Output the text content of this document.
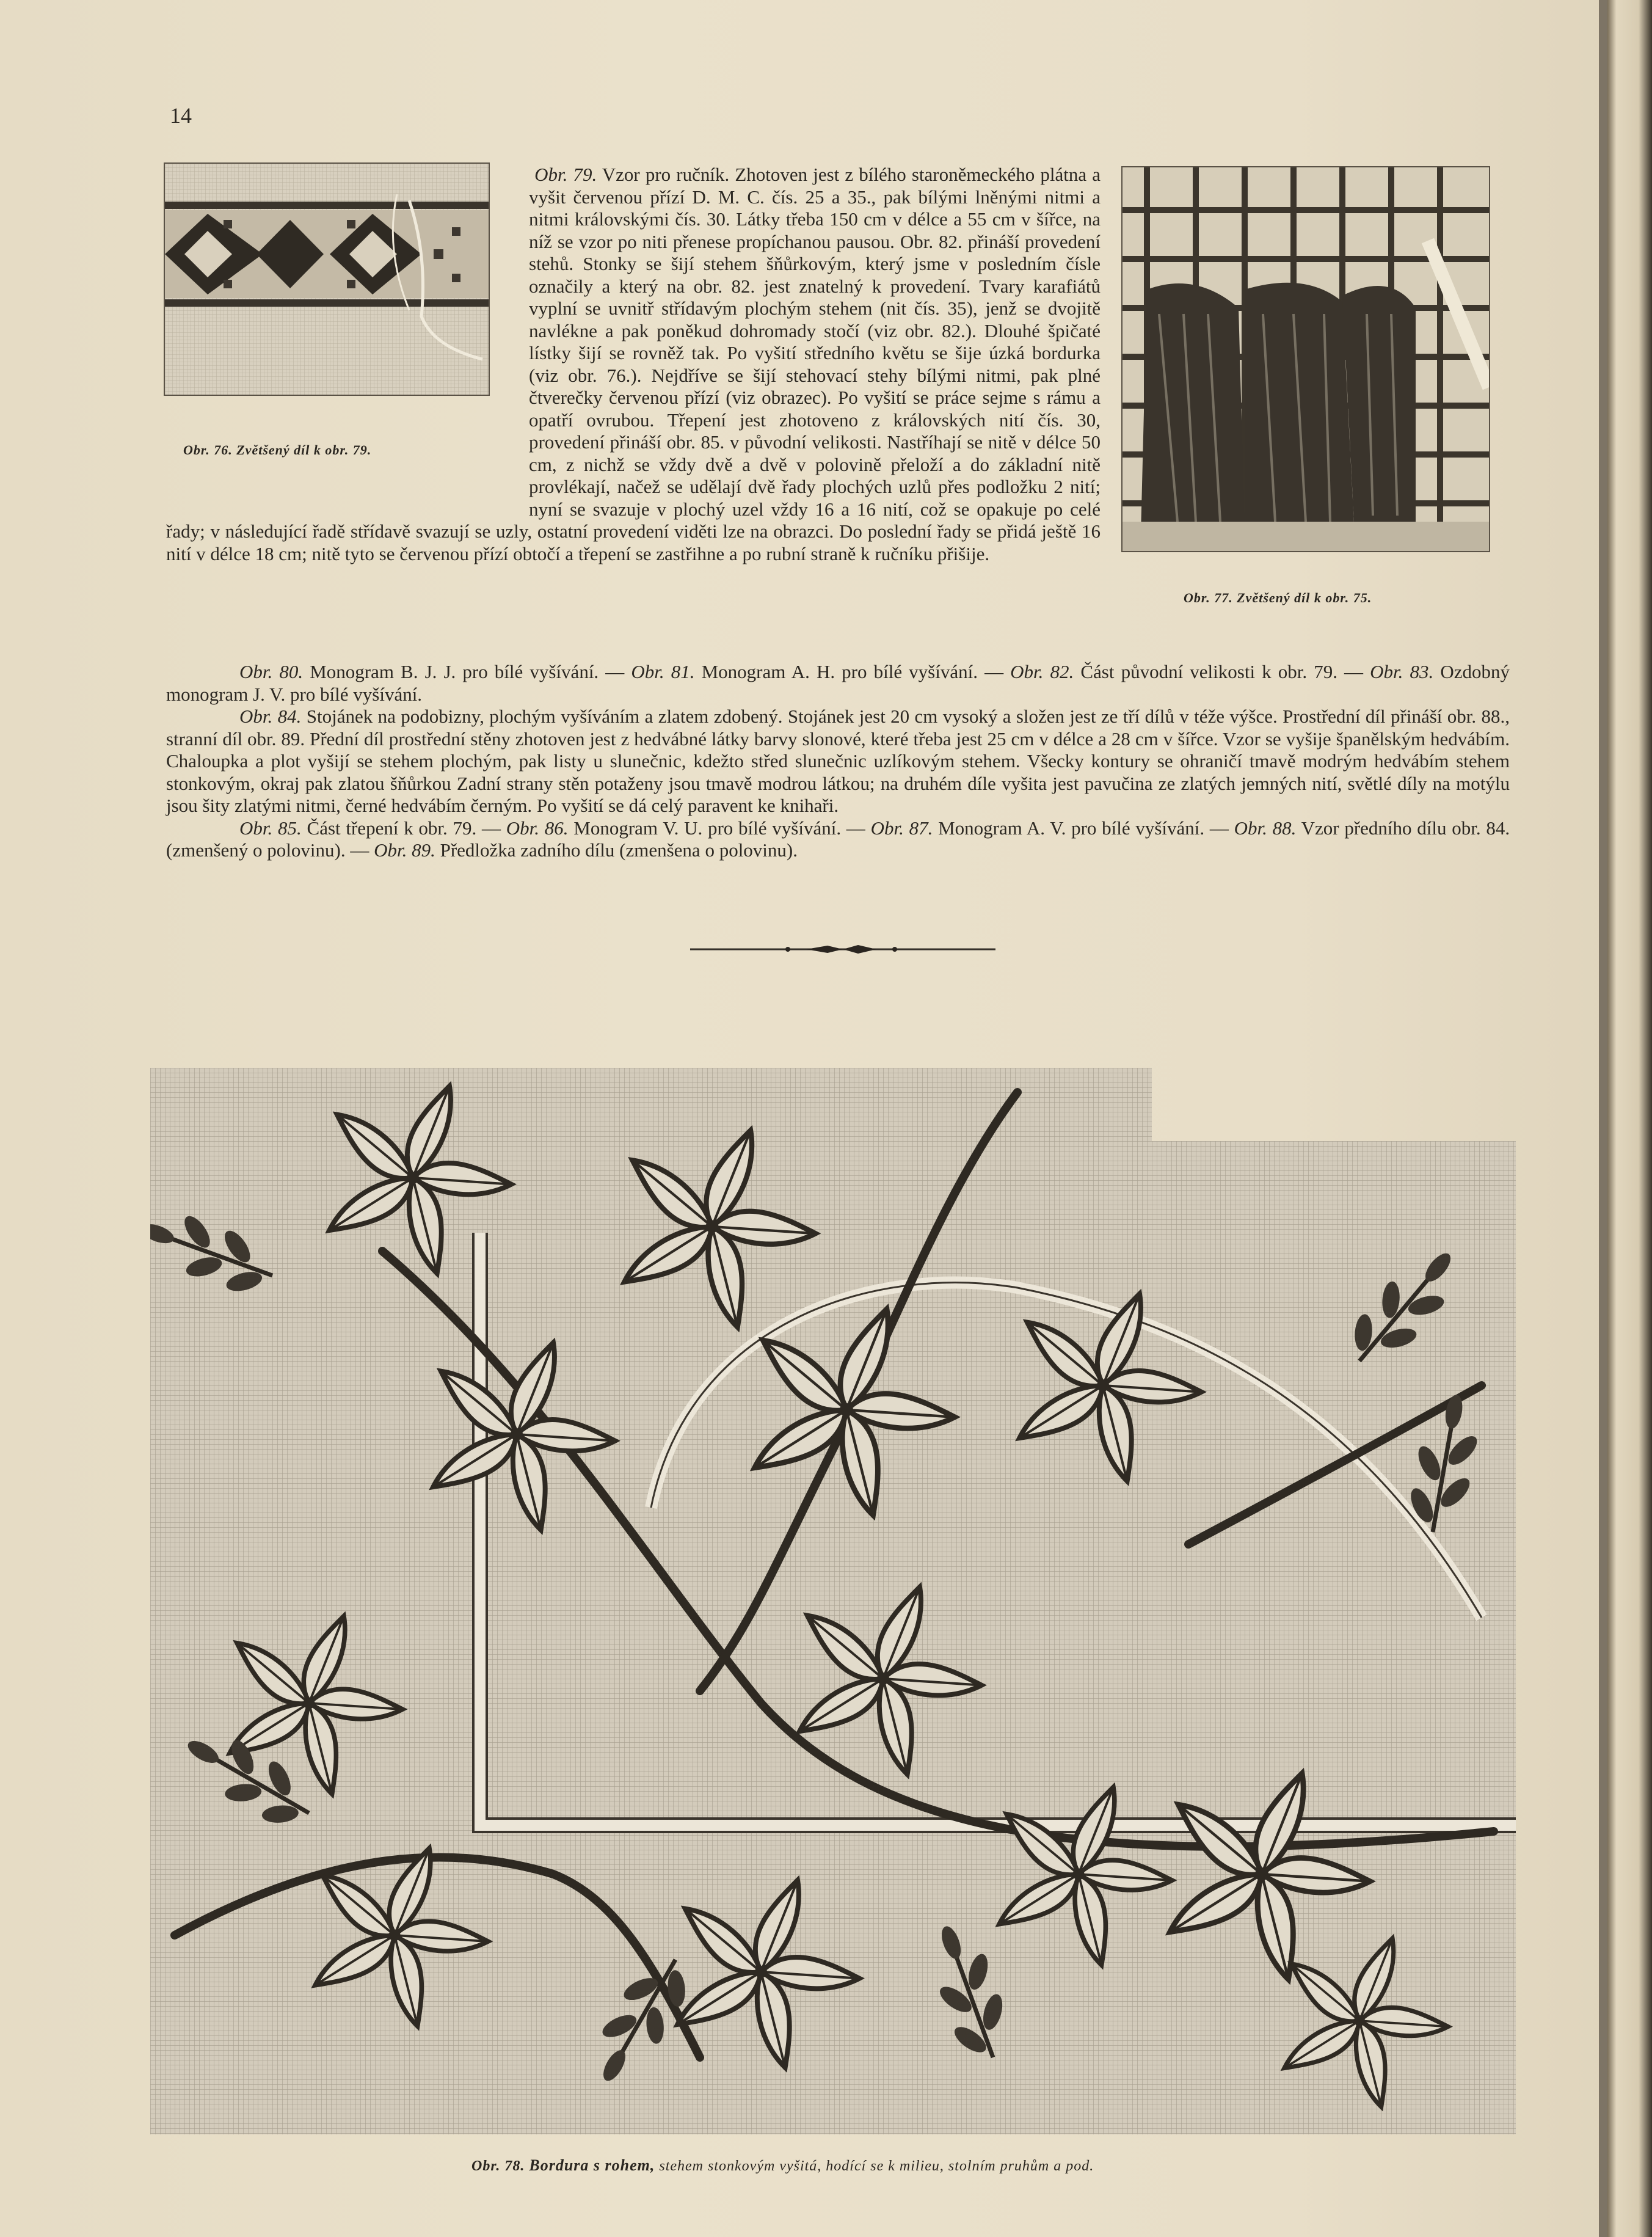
14
Obr. 76. Zvětšený díl k obr. 79.
Obr. 77. Zvětšený díl k obr. 75.

Obr. 79. Vzor pro ručník. Zhotoven jest z bílého staroněmeckého plátna a vyšit červenou přízí D. M. C. čís. 25 a 35., pak bílými lněnými nitmi a nitmi královskými čís. 30. Látky třeba 150 cm v délce a 55 cm v šířce, na níž se vzor po niti přenese propíchanou pausou. Obr. 82. přináší provedení stehů. Stonky se šijí stehem šňůrkovým, který jsme v posledním čísle označily a který na obr. 82. jest znatelný k provedení. Tvary karafiátů vyplní se uvnitř střídavým plochým stehem (nit čís. 35), jenž se dvojitě navlékne a pak poněkud dohromady stočí (viz obr. 82.). Dlouhé špičaté lístky šijí se rovněž tak. Po vyšití středního květu se šije úzká bordurka (viz obr. 76.). Nejdříve se šijí stehovací stehy bílými nitmi, pak plné čtverečky červenou přízí (viz obrazec). Po vyšití se práce sejme s rámu a opatří ovrubou. Třepení jest zhotoveno z královských nití čís. 30, provedení přináší obr. 85. v původní velikosti. Nastříhají se nitě v délce 50 cm, z nichž se vždy dvě a dvě v polovině přeloží a do základní nitě provlékají, načež se udělají dvě řady plochých uzlů přes podložku 2 nití; nyní se svazuje v plochý uzel vždy 16 a 16 nití, což se opakuje po celé řady; v následující řadě střídavě svazují se uzly, ostatní provedení viděti lze na obrazci. Do poslední řady se přidá ještě 16 nití v délce 18 cm; nitě tyto se červenou přízí obtočí a třepení se zastřihne a po rubní straně k ručníku přišije.

Obr. 80. Monogram B. J. J. pro bílé vyšívání. — Obr. 81. Monogram A. H. pro bílé vyšívání. — Obr. 82. Část původní velikosti k obr. 79. — Obr. 83. Ozdobný monogram J. V. pro bílé vyšívání.

Obr. 84. Stojánek na podobizny, plochým vyšíváním a zlatem zdobený. Stojánek jest 20 cm vysoký a složen jest ze tří dílů v téže výšce. Prostřední díl přináší obr. 88., stranní díl obr. 89. Přední díl prostřední stěny zhotoven jest z hedvábné látky barvy slonové, které třeba jest 25 cm v délce a 28 cm v šířce. Vzor se vyšije španělským hedvábím. Chaloupka a plot vyšijí se stehem plochým, pak listy u slunečnic, kdežto střed slunečnic uzlíkovým stehem. Všecky kontury se ohraničí tmavě modrým hedvábím stehem stonkovým, okraj pak zlatou šňůrkou Zadní strany stěn potaženy jsou tmavě modrou látkou; na druhém díle vyšita jest pavučina ze zlatých jemných nití, světlé díly na motýlu jsou šity zlatými nitmi, černé hedvábím černým. Po vyšití se dá celý paravent ke knihaři.

Obr. 85. Část třepení k obr. 79. — Obr. 86. Monogram V. U. pro bílé vyšívání. — Obr. 87. Monogram A. V. pro bílé vyšívání. — Obr. 88. Vzor předního dílu obr. 84. (zmenšený o polovinu). — Obr. 89. Předložka zadního dílu (zmenšena o polovinu).

Obr. 78. Bordura s rohem, stehem stonkovým vyšitá, hodící se k milieu, stolním pruhům a pod.
